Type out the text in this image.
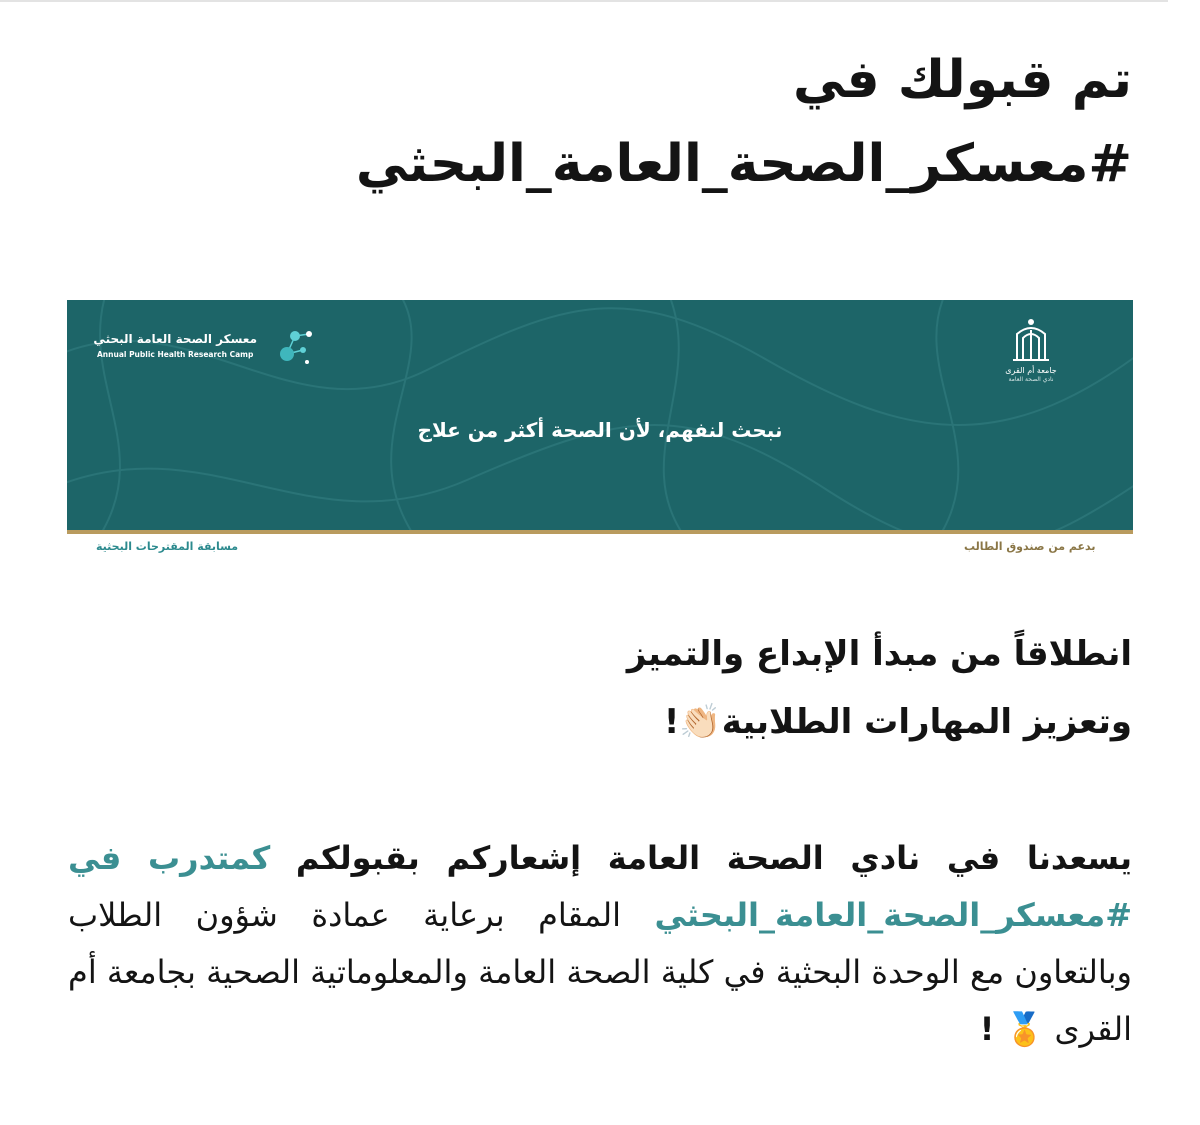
تم قبولك في
#معسكر_الصحة_العامة_البحثي
معسكر الصحة العامة البحثي
Annual Public Health Research Camp
جامعة أم القرى
نادي الصحة العامة
نبحث لنفهم، لأن الصحة أكثر من علاج
مسابقة المقترحات البحثية	بدعم من صندوق الطالب
انطلاقاً من مبدأ الإبداع والتميز
وتعزيز المهارات الطلابية👏🏻!
يسعدنا في نادي الصحة العامة إشعاركم بقبولكم كمتدرب في #معسكر_الصحة_العامة_البحثي المقام برعاية عمادة شؤون الطلاب وبالتعاون مع الوحدة البحثية في كلية الصحة العامة والمعلوماتية الصحية بجامعة أم القرى 🏅 !
